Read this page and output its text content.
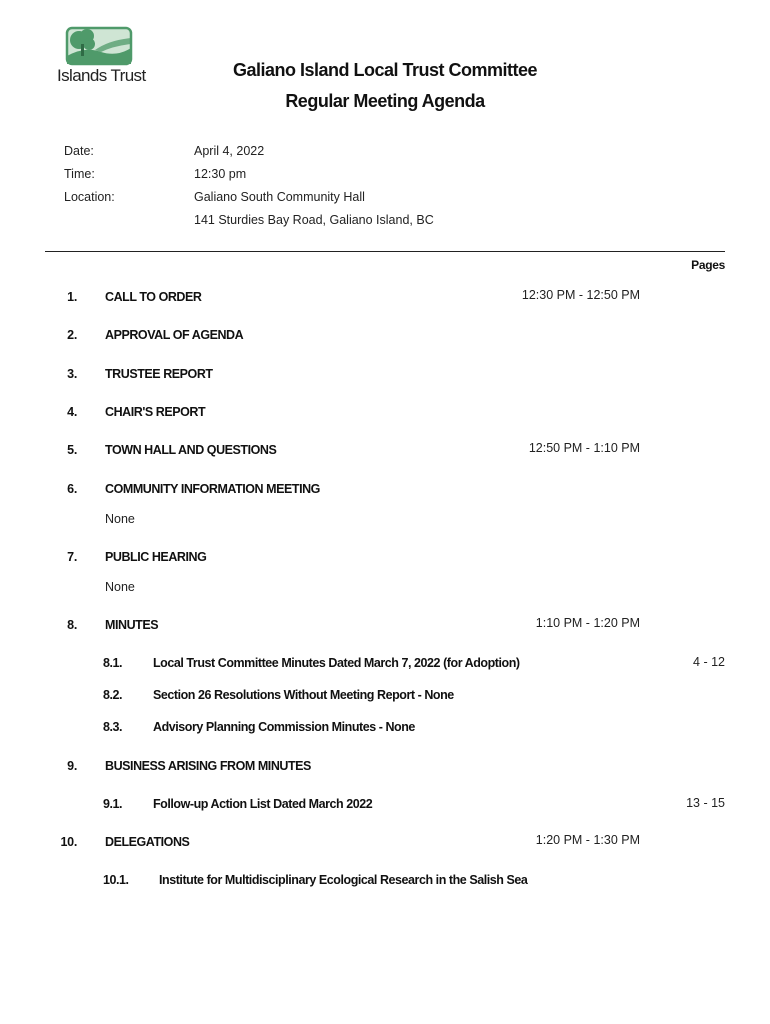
Islands Trust	Galiano Island Local Trust Committee
Regular Meeting Agenda
Date:	April 4, 2022
Time:	12:30 pm
Location:	Galiano South Community Hall
141 Sturdies Bay Road, Galiano Island, BC
Pages
1. CALL TO ORDER	12:30 PM - 12:50 PM
2. APPROVAL OF AGENDA
3. TRUSTEE REPORT
4. CHAIR'S REPORT
5. TOWN HALL AND QUESTIONS	12:50 PM - 1:10 PM
6. COMMUNITY INFORMATION MEETING
None
7. PUBLIC HEARING
None
8. MINUTES	1:10 PM - 1:20 PM
8.1. Local Trust Committee Minutes Dated March 7, 2022 (for Adoption)	4 - 12
8.2. Section 26 Resolutions Without Meeting Report - None
8.3. Advisory Planning Commission Minutes - None
9. BUSINESS ARISING FROM MINUTES
9.1. Follow-up Action List Dated March 2022	13 - 15
10. DELEGATIONS	1:20 PM - 1:30 PM
10.1. Institute for Multidisciplinary Ecological Research in the Salish Sea
